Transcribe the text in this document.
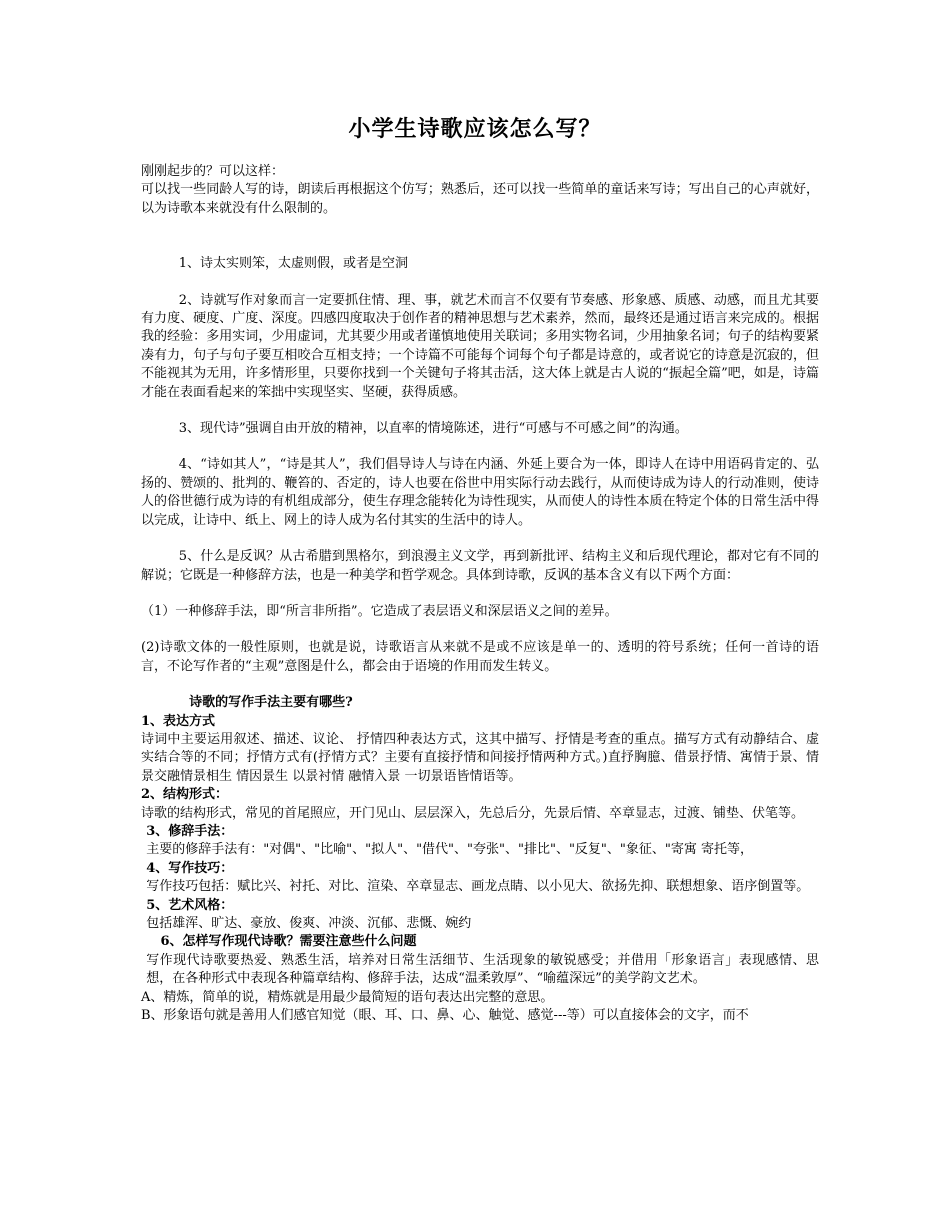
小学生诗歌应该怎么写？

刚刚起步的？可以这样：

可以找一些同龄人写的诗，朗读后再根据这个仿写；熟悉后，还可以找一些简单的童话来写诗；写出自己的心声就好，以为诗歌本来就没有什么限制的。

1、诗太实则笨，太虚则假，或者是空洞

2、诗就写作对象而言一定要抓住情、理、事，就艺术而言不仅要有节奏感、形象感、质感、动感，而且尤其要有力度、硬度、广度、深度。四感四度取决于创作者的精神思想与艺术素养，然而，最终还是通过语言来完成的。根据我的经验：多用实词，少用虚词，尤其要少用或者谨慎地使用关联词；多用实物名词，少用抽象名词；句子的结构要紧凑有力，句子与句子要互相咬合互相支持；一个诗篇不可能每个词每个句子都是诗意的，或者说它的诗意是沉寂的，但不能视其为无用，许多情形里，只要你找到一个关键句子将其击活，这大体上就是古人说的“振起全篇”吧，如是，诗篇才能在表面看起来的笨拙中实现坚实、坚硬，获得质感。

3、现代诗”强调自由开放的精神，以直率的情境陈述，进行“可感与不可感之间”的沟通。

4、“诗如其人”，“诗是其人”，我们倡导诗人与诗在内涵、外延上要合为一体，即诗人在诗中用语码肯定的、弘扬的、赞颂的、批判的、鞭笞的、否定的，诗人也要在俗世中用实际行动去践行，从而使诗成为诗人的行动准则，使诗人的俗世德行成为诗的有机组成部分，使生存理念能转化为诗性现实，从而使人的诗性本质在特定个体的日常生活中得以完成，让诗中、纸上、网上的诗人成为名付其实的生活中的诗人。

5、什么是反讽？从古希腊到黑格尔，到浪漫主义文学，再到新批评、结构主义和后现代理论，都对它有不同的解说；它既是一种修辞方法，也是一种美学和哲学观念。具体到诗歌，反讽的基本含义有以下两个方面：

（1）一种修辞手法，即“所言非所指”。它造成了表层语义和深层语义之间的差异。

(2)诗歌文体的一般性原则，也就是说，诗歌语言从来就不是或不应该是单一的、透明的符号系统；任何一首诗的语言，不论写作者的“主观”意图是什么，都会由于语境的作用而发生转义。

诗歌的写作手法主要有哪些?

1、表达方式

诗词中主要运用叙述、描述、议论、 抒情四种表达方式，这其中描写、抒情是考查的重点。描写方式有动静结合、虚实结合等的不同；抒情方式有(抒情方式？主要有直接抒情和间接抒情两种方式。)直抒胸臆、借景抒情、寓情于景、情景交融情景相生 情因景生 以景衬情 融情入景 一切景语皆情语等。

2、结构形式：

诗歌的结构形式，常见的首尾照应，开门见山、层层深入，先总后分，先景后情、卒章显志，过渡、铺垫、伏笔等。

3、修辞手法：

主要的修辞手法有："对偶"、"比喻"、"拟人"、"借代"、"夸张"、"排比"、"反复"、"象征、"寄寓 寄托等，

4、写作技巧：

写作技巧包括：赋比兴、衬托、对比、渲染、卒章显志、画龙点睛、以小见大、欲扬先抑、联想想象、语序倒置等。

5、艺术风格：

包括雄浑、旷达、豪放、俊爽、冲淡、沉郁、悲慨、婉约

6、怎样写作现代诗歌？需要注意些什么问题

写作现代诗歌要热爱、熟悉生活，培养对日常生活细节、生活现象的敏锐感受；并借用「形象语言」表现感情、思想，在各种形式中表现各种篇章结构、修辞手法，达成“温柔敦厚”、“喻蕴深远”的美学韵文艺术。

A、精炼，简单的说，精炼就是用最少最简短的语句表达出完整的意思。

B、形象语句就是善用人们感官知觉（眼、耳、口、鼻、心、触觉、感觉---等）可以直接体会的文字，而不
